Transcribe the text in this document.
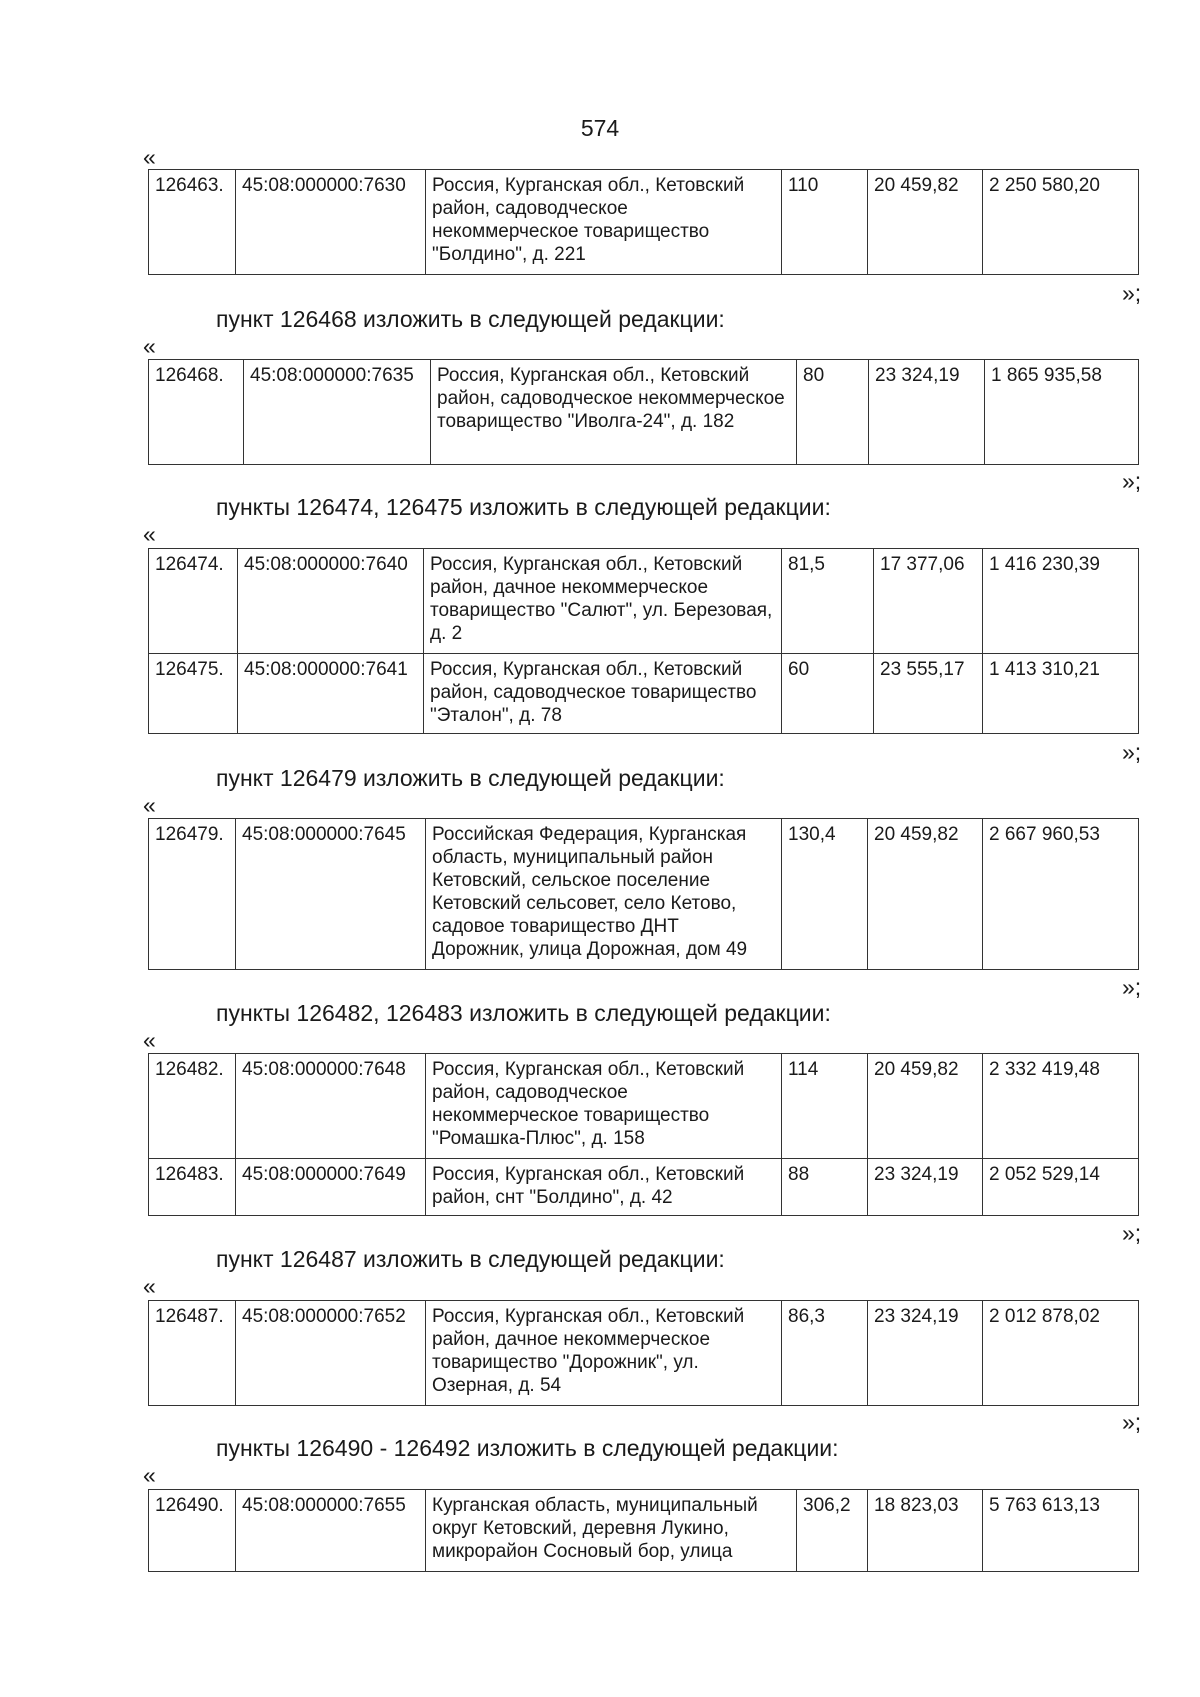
574
«
126463.	45:08:000000:7630	Россия, Курганская обл., Кетовский район, садоводческое некоммерческое товарищество "Болдино", д. 221	110	20 459,82	2 250 580,20
»;
пункт 126468 изложить в следующей редакции:
«
126468.	45:08:000000:7635	Россия, Курганская обл., Кетовский район, садоводческое некоммерческое товарищество "Иволга-24", д. 182	80	23 324,19	1 865 935,58
»;
пункты 126474, 126475 изложить в следующей редакции:
«
126474.	45:08:000000:7640	Россия, Курганская обл., Кетовский район, дачное некоммерческое товарищество "Салют", ул. Березовая, д. 2	81,5	17 377,06	1 416 230,39
126475.	45:08:000000:7641	Россия, Курганская обл., Кетовский район, садоводческое товарищество "Эталон", д. 78	60	23 555,17	1 413 310,21
»;
пункт 126479 изложить в следующей редакции:
«
126479.	45:08:000000:7645	Российская Федерация, Курганская область, муниципальный район Кетовский, сельское поселение Кетовский сельсовет, село Кетово, садовое товарищество ДНТ Дорожник, улица Дорожная, дом 49	130,4	20 459,82	2 667 960,53
»;
пункты 126482, 126483 изложить в следующей редакции:
«
126482.	45:08:000000:7648	Россия, Курганская обл., Кетовский район, садоводческое некоммерческое товарищество "Ромашка-Плюс", д. 158	114	20 459,82	2 332 419,48
126483.	45:08:000000:7649	Россия, Курганская обл., Кетовский район, снт "Болдино", д. 42	88	23 324,19	2 052 529,14
»;
пункт 126487 изложить в следующей редакции:
«
126487.	45:08:000000:7652	Россия, Курганская обл., Кетовский район, дачное некоммерческое товарищество "Дорожник", ул. Озерная, д. 54	86,3	23 324,19	2 012 878,02
»;
пункты 126490 - 126492 изложить в следующей редакции:
«
126490.	45:08:000000:7655	Курганская область, муниципальный округ Кетовский, деревня Лукино, микрорайон Сосновый бор, улица	306,2	18 823,03	5 763 613,13
